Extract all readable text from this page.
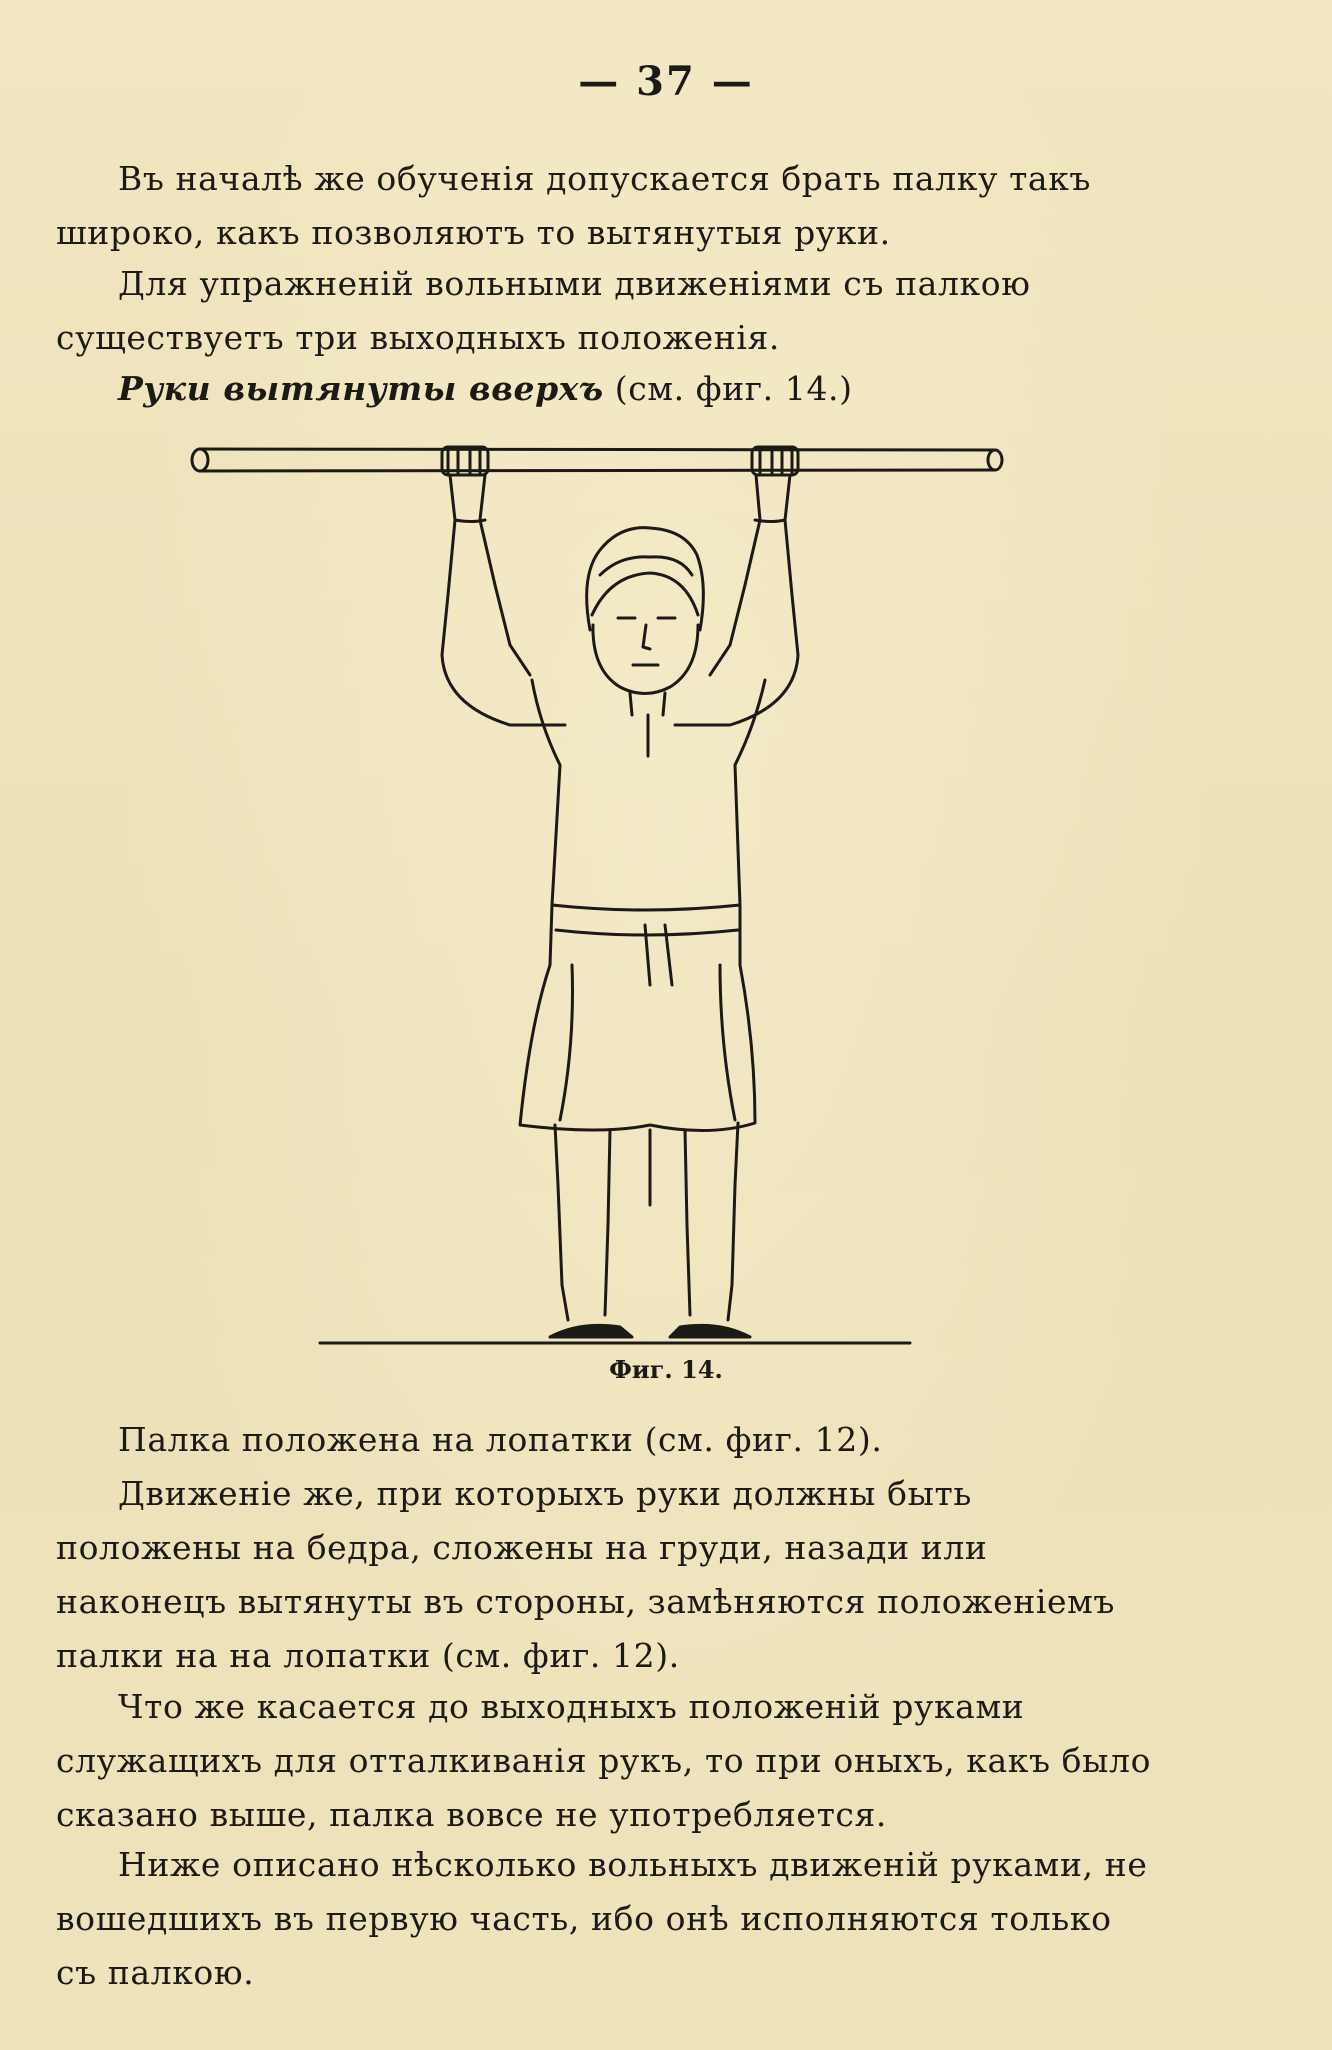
— 37 —
Въ началѣ же обученія допускается брать палку такъ широко, какъ позволяютъ то вытянутыя руки.
Для упражненій вольными движеніями съ палкою существуетъ три выходныхъ положенія.
Руки вытянуты вверхъ (см. фиг. 14.)
Фиг. 14.
Палка положена на лопатки (см. фиг. 12).
Движеніе же, при которыхъ руки должны быть положены на бедра, сложены на груди, назади или наконецъ вытянуты въ стороны, замѣняются положеніемъ палки на на лопатки (см. фиг. 12).
Что же касается до выходныхъ положеній руками служащихъ для отталкиванія рукъ, то при оныхъ, какъ было сказано выше, палка вовсе не употребляется.
Ниже описано нѣсколько вольныхъ движеній руками, не вошедшихъ въ первую часть, ибо онѣ исполняются только съ палкою.
